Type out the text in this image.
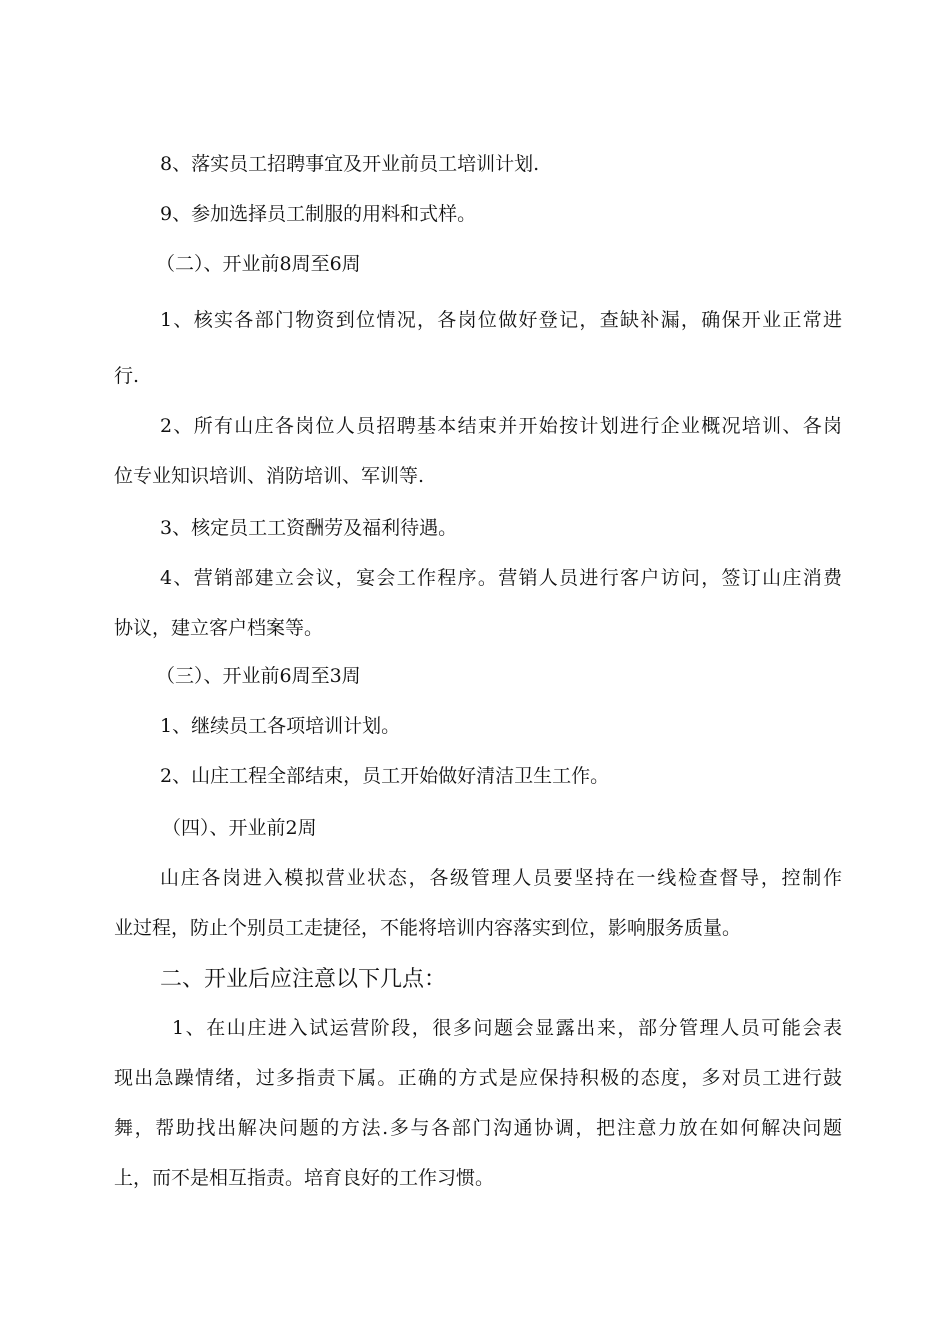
8、落实员工招聘事宜及开业前员工培训计划.
9、参加选择员工制服的用料和式样。
（二）、开业前8周至6周
1、核实各部门物资到位情况，各岗位做好登记，查缺补漏，确保开业正常进
行.
2、所有山庄各岗位人员招聘基本结束并开始按计划进行企业概况培训、各岗
位专业知识培训、消防培训、军训等.
3、核定员工工资酬劳及福利待遇。
4、营销部建立会议，宴会工作程序。营销人员进行客户访问，签订山庄消费
协议，建立客户档案等。
（三）、开业前6周至3周
1、继续员工各项培训计划。
2、山庄工程全部结束，员工开始做好清洁卫生工作。
（四）、开业前2周
山庄各岗进入模拟营业状态，各级管理人员要坚持在一线检查督导，控制作
业过程，防止个别员工走捷径，不能将培训内容落实到位，影响服务质量。
二、开业后应注意以下几点：
1、在山庄进入试运营阶段，很多问题会显露出来，部分管理人员可能会表
现出急躁情绪，过多指责下属。正确的方式是应保持积极的态度，多对员工进行鼓
舞，帮助找出解决问题的方法.多与各部门沟通协调，把注意力放在如何解决问题
上，而不是相互指责。培育良好的工作习惯。
